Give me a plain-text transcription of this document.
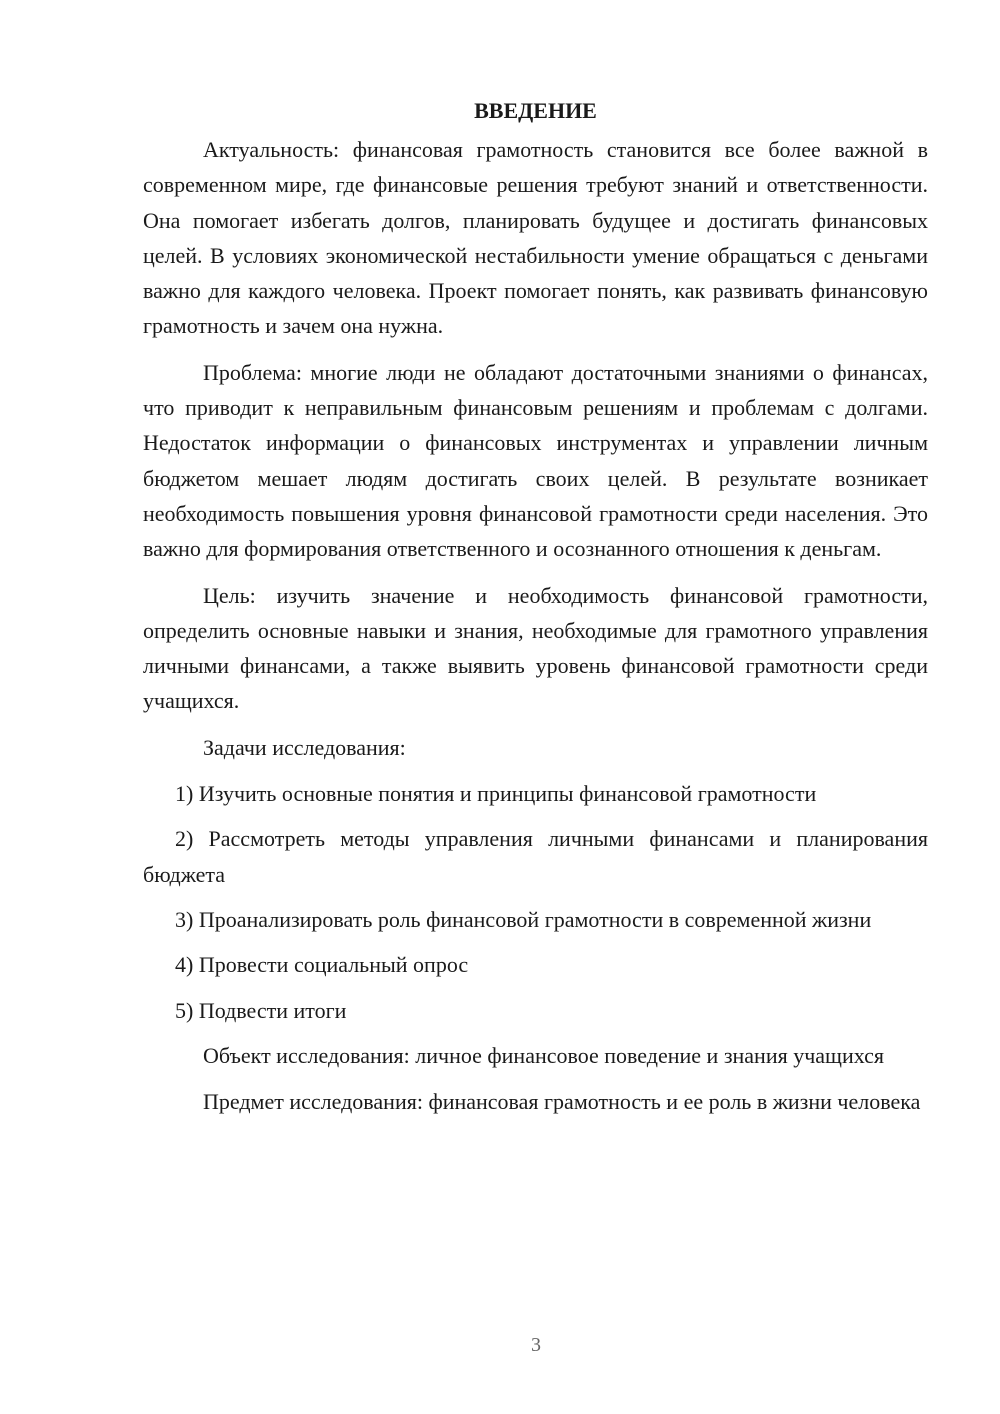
ВВЕДЕНИЕ

Актуальность: финансовая грамотность становится все более важной в современном мире, где финансовые решения требуют знаний и ответственности. Она помогает избегать долгов, планировать будущее и достигать финансовых целей. В условиях экономической нестабильности умение обращаться с деньгами важно для каждого человека. Проект помогает понять, как развивать финансовую грамотность и зачем она нужна.

Проблема: многие люди не обладают достаточными знаниями о финансах, что приводит к неправильным финансовым решениям и проблемам с долгами. Недостаток информации о финансовых инструментах и управлении личным бюджетом мешает людям достигать своих целей. В результате возникает необходимость повышения уровня финансовой грамотности среди населения. Это важно для формирования ответственного и осознанного отношения к деньгам.

Цель: изучить значение и необходимость финансовой грамотности, определить основные навыки и знания, необходимые для грамотного управления личными финансами, а также выявить уровень финансовой грамотности среди учащихся.

Задачи исследования:

1) Изучить основные понятия и принципы финансовой грамотности

2) Рассмотреть методы управления личными финансами и планирования бюджета

3) Проанализировать роль финансовой грамотности в современной жизни

4) Провести социальный опрос

5) Подвести итоги

Объект исследования: личное финансовое поведение и знания учащихся

Предмет исследования: финансовая грамотность и ее роль в жизни человека

3
